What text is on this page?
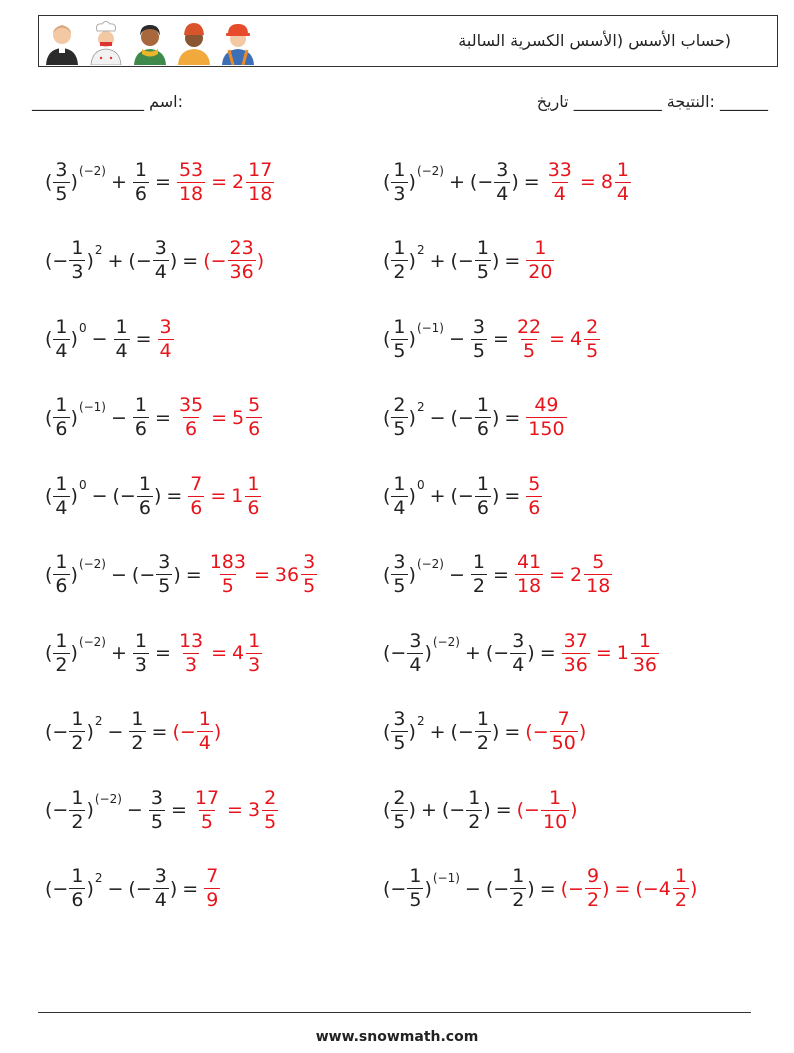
(حساب الأسس (الأسس الكسرية السالبة
______________ اسم:	النتيجة ___________ تاريخ: ______
( $\frac{3}{5}$ ) $(-2) + \frac{1}{6} = \frac{53}{18} = 2 \frac{17}{18}$
(− $\frac{1}{3}$ ) 2 + (− $\frac{3}{4}$ ) = (− $\frac{23}{36}$ )
( $\frac{1}{4}$ ) $0 - \frac{1}{4} = \frac{3}{4}$
( $\frac{1}{6}$ ) $(-1) - \frac{1}{6} = \frac{35}{6} = 5 \frac{5}{6}$
( $\frac{1}{4}$ ) 0 − (− $\frac{1}{6}$ ) = $\frac{7}{6} = 1 \frac{1}{6}$
( $\frac{1}{6}$ ) (−2) − (− $\frac{3}{5}$ ) = $\frac{183}{5} = 36 \frac{3}{5}$
( $\frac{1}{2}$ ) $(-2) + \frac{1}{3} = \frac{13}{3} = 4 \frac{1}{3}$
(− $\frac{1}{2}$ ) $2 - \frac{1}{2}$ = (− $\frac{1}{4}$ )
(− $\frac{1}{2}$ ) $(-2) - \frac{3}{5} = \frac{17}{5} = 3 \frac{2}{5}$
(− $\frac{1}{6}$ ) 2 − (− $\frac{3}{4}$ ) = $\frac{7}{9}$
( $\frac{1}{3}$ ) (−2) + (− $\frac{3}{4}$ ) = $\frac{33}{4} = 8 \frac{1}{4}$
( $\frac{1}{2}$ ) 2 + (− $\frac{1}{5}$ ) = $\frac{1}{20}$
( $\frac{1}{5}$ ) $(-1) - \frac{3}{5} = \frac{22}{5} = 4 \frac{2}{5}$
( $\frac{2}{5}$ ) 2 − (− $\frac{1}{6}$ ) = $\frac{49}{150}$
( $\frac{1}{4}$ ) 0 + (− $\frac{1}{6}$ ) = $\frac{5}{6}$
( $\frac{3}{5}$ ) $(-2) - \frac{1}{2} = \frac{41}{18} = 2 \frac{5}{18}$
(− $\frac{3}{4}$ ) (−2) + (− $\frac{3}{4}$ ) = $\frac{37}{36} = 1 \frac{1}{36}$
( $\frac{3}{5}$ ) 2 + (− $\frac{1}{2}$ ) = (− $\frac{7}{50}$ )
( $\frac{2}{5}$ ) + (− $\frac{1}{2}$ ) = (− $\frac{1}{10}$ )
(− $\frac{1}{5}$ ) (−1) − (− $\frac{1}{2}$ ) = (− $\frac{9}{2}$ ) = (− $4 \frac{1}{2}$ )
www.snowmath.com
